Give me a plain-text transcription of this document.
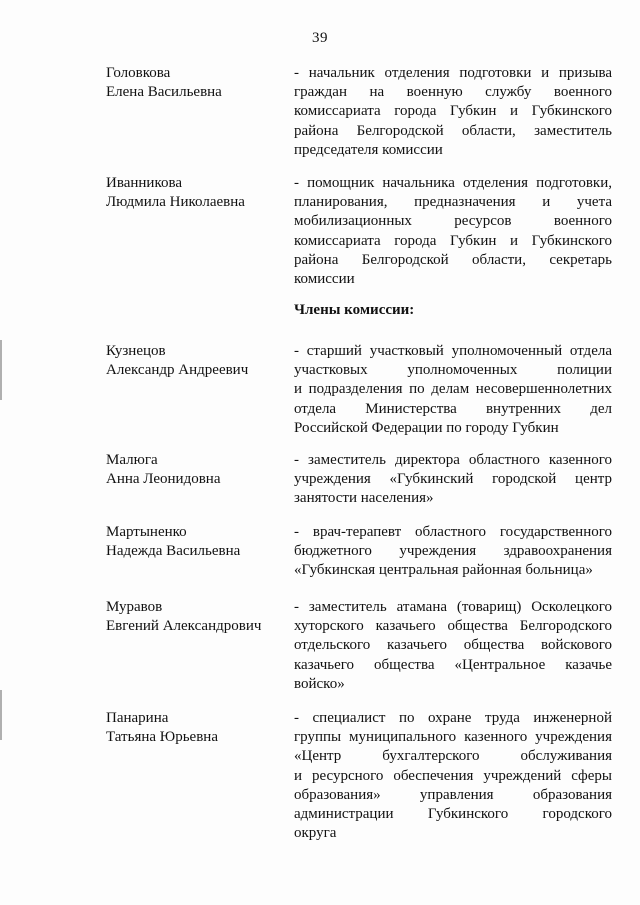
39
Головкова
Елена Васильевна
- начальник отделения подготовки и призыва
граждан на военную службу военного
комиссариата города Губкин и Губкинского
района Белгородской области, заместитель
председателя комиссии
Иванникова
Людмила Николаевна
- помощник начальника отделения подготовки,
планирования, предназначения и учета
мобилизационных ресурсов военного
комиссариата города Губкин и Губкинского
района Белгородской области, секретарь
комиссии
Члены комиссии:
Кузнецов
Александр Андреевич
- старший участковый уполномоченный отдела
участковых уполномоченных полиции
и подразделения по делам несовершеннолетних
отдела Министерства внутренних дел
Российской Федерации по городу Губкин
Малюга
Анна Леонидовна
- заместитель директора областного казенного
учреждения «Губкинский городской центр
занятости населения»
Мартыненко
Надежда Васильевна
- врач-терапевт областного государственного
бюджетного учреждения здравоохранения
«Губкинская центральная районная больница»
Муравов
Евгений Александрович
- заместитель атамана (товарищ) Осколецкого
хуторского казачьего общества Белгородского
отдельского казачьего общества войскового
казачьего общества «Центральное казачье
войско»
Панарина
Татьяна Юрьевна
- специалист по охране труда инженерной
группы муниципального казенного учреждения
«Центр бухгалтерского обслуживания
и ресурсного обеспечения учреждений сферы
образования» управления образования
администрации Губкинского городского
округа
